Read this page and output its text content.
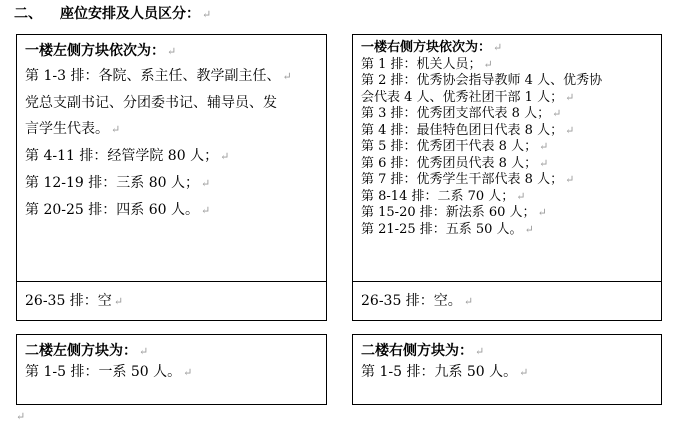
二、 座位安排及人员区分： ↵
一楼左侧方块依次为： ↵
第 1-3 排：各院、系主任、教学副主任、 ↵
党总支副书记、分团委书记、辅导员、发
言学生代表。 ↵
第 4-11 排：经管学院 80 人； ↵
第 12-19 排：三系 80 人； ↵
第 20-25 排：四系 60 人。 ↵
26-35 排：空 ↵
一楼右侧方块依次为： ↵
第 1 排：机关人员； ↵
第 2 排：优秀协会指导教师 4 人、优秀协
会代表 4 人、优秀社团干部 1 人； ↵
第 3 排：优秀团支部代表 8 人； ↵
第 4 排：最佳特色团日代表 8 人； ↵
第 5 排：优秀团干代表 8 人； ↵
第 6 排：优秀团员代表 8 人； ↵
第 7 排：优秀学生干部代表 8 人； ↵
第 8-14 排：二系 70 人； ↵
第 15-20 排：新法系 60 人； ↵
第 21-25 排：五系 50 人。 ↵
26-35 排：空。 ↵
二楼左侧方块为： ↵
第 1-5 排：一系 50 人。 ↵
二楼右侧方块为： ↵
第 1-5 排：九系 50 人。 ↵
↵
